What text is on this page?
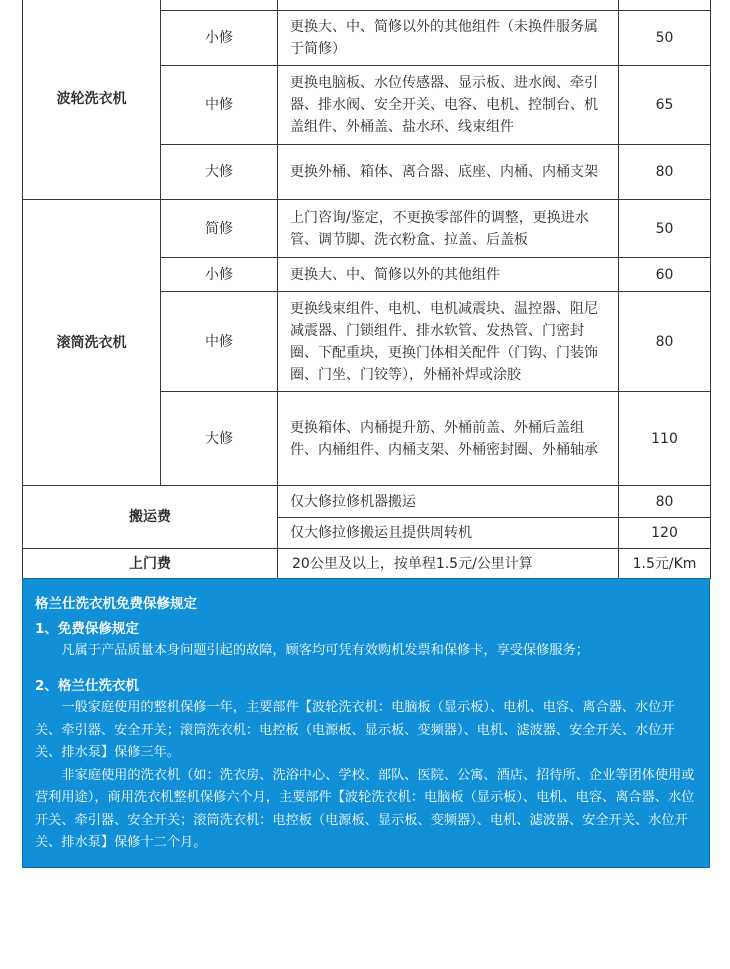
波轮洗衣机			
	小修	更换大、中、简修以外的其他组件（未换件服务属于简修）	50
	中修	更换电脑板、水位传感器、显示板、进水阀、牵引器、排水阀、安全开关、电容、电机、控制台、机盖组件、外桶盖、盐水环、线束组件	65
	大修	更换外桶、箱体、离合器、底座、内桶、内桶支架	80
滚筒洗衣机	简修	上门咨询/鉴定，不更换零部件的调整，更换进水管、调节脚、洗衣粉盒、拉盖、后盖板	50
	小修	更换大、中、简修以外的其他组件	60
	中修	更换线束组件、电机、电机减震块、温控器、阻尼减震器、门锁组件、排水软管、发热管、门密封圈、下配重块，更换门体相关配件（门钩、门装饰圈、门坐、门铰等），外桶补焊或涂胶	80
	大修	更换箱体、内桶提升筋、外桶前盖、外桶后盖组件、内桶组件、内桶支架、外桶密封圈、外桶轴承	110
搬运费		仅大修拉修机器搬运	80
		仅大修拉修搬运且提供周转机	120
上门费		20公里及以上，按单程1.5元/公里计算	1.5元/Km
格兰仕洗衣机免费保修规定
1、免费保修规定
凡属于产品质量本身问题引起的故障，顾客均可凭有效购机发票和保修卡，享受保修服务；
2、格兰仕洗衣机
一般家庭使用的整机保修一年，主要部件【波轮洗衣机：电脑板（显示板）、电机、电容、离合器、水位开关、牵引器、安全开关；滚筒洗衣机：电控板（电源板、显示板、变频器）、电机、滤波器、安全开关、水位开关、排水泵】保修三年。
非家庭使用的洗衣机（如：洗衣房、洗浴中心、学校、部队、医院、公寓、酒店、招待所、企业等团体使用或营利用途），商用洗衣机整机保修六个月，主要部件【波轮洗衣机：电脑板（显示板）、电机、电容、离合器、水位开关、牵引器、安全开关；滚筒洗衣机：电控板（电源板、显示板、变频器）、电机、滤波器、安全开关、水位开关、排水泵】保修十二个月。
